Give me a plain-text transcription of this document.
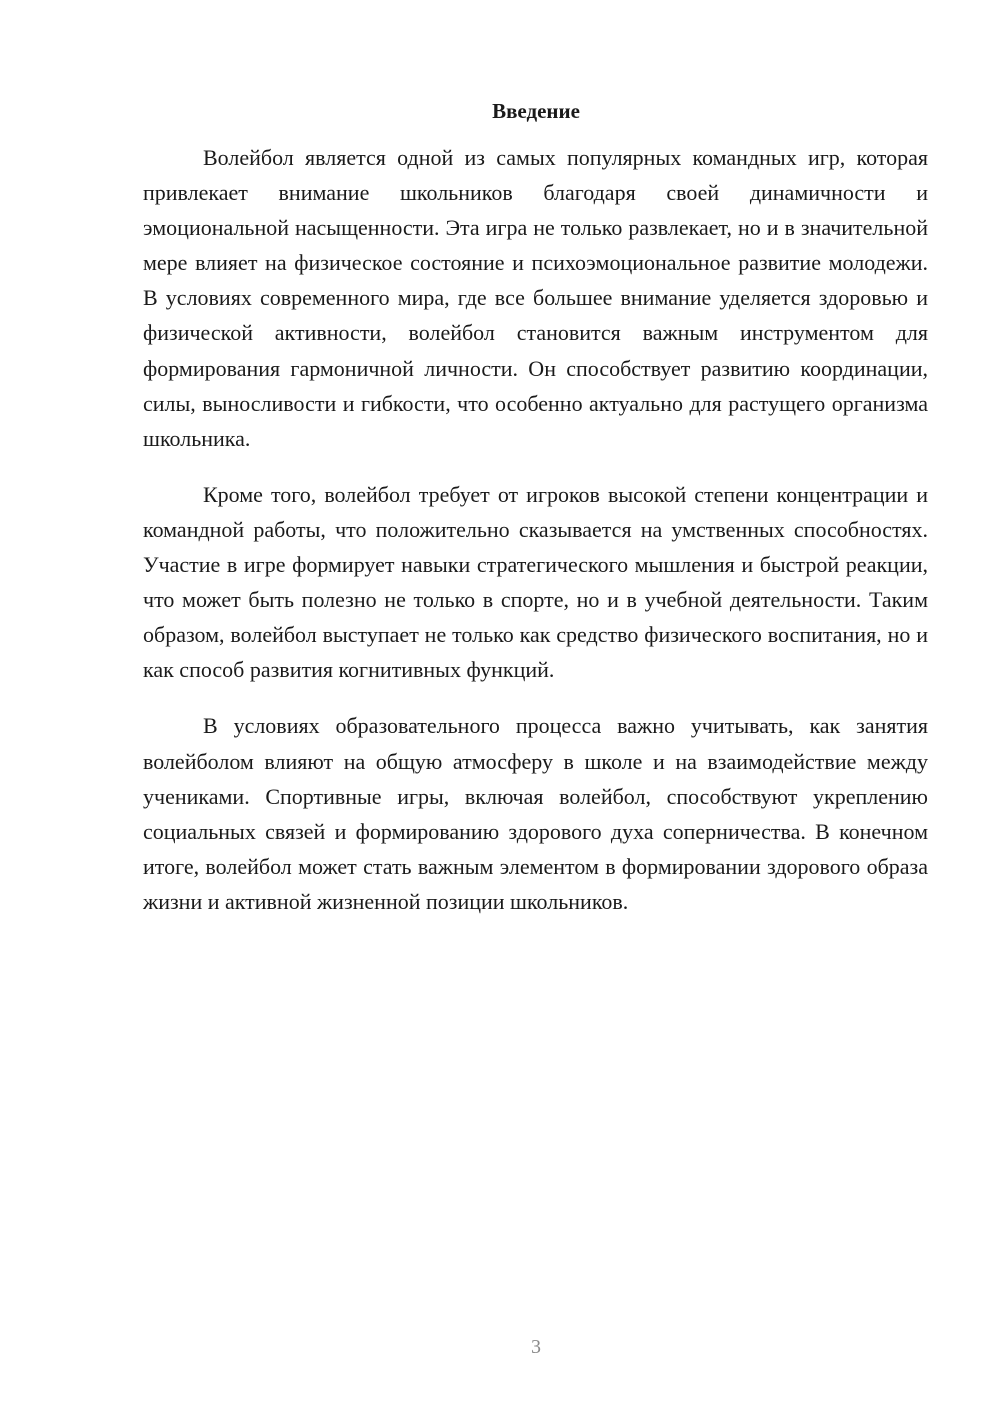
Введение

Волейбол является одной из самых популярных командных игр, которая привлекает внимание школьников благодаря своей динамичности и эмоциональной насыщенности. Эта игра не только развлекает, но и в значительной мере влияет на физическое состояние и психоэмоциональное развитие молодежи. В условиях современного мира, где все большее внимание уделяется здоровью и физической активности, волейбол становится важным инструментом для формирования гармоничной личности. Он способствует развитию координации, силы, выносливости и гибкости, что особенно актуально для растущего организма школьника.

Кроме того, волейбол требует от игроков высокой степени концентрации и командной работы, что положительно сказывается на умственных способностях. Участие в игре формирует навыки стратегического мышления и быстрой реакции, что может быть полезно не только в спорте, но и в учебной деятельности. Таким образом, волейбол выступает не только как средство физического воспитания, но и как способ развития когнитивных функций.

В условиях образовательного процесса важно учитывать, как занятия волейболом влияют на общую атмосферу в школе и на взаимодействие между учениками. Спортивные игры, включая волейбол, способствуют укреплению социальных связей и формированию здорового духа соперничества. В конечном итоге, волейбол может стать важным элементом в формировании здорового образа жизни и активной жизненной позиции школьников.

3
